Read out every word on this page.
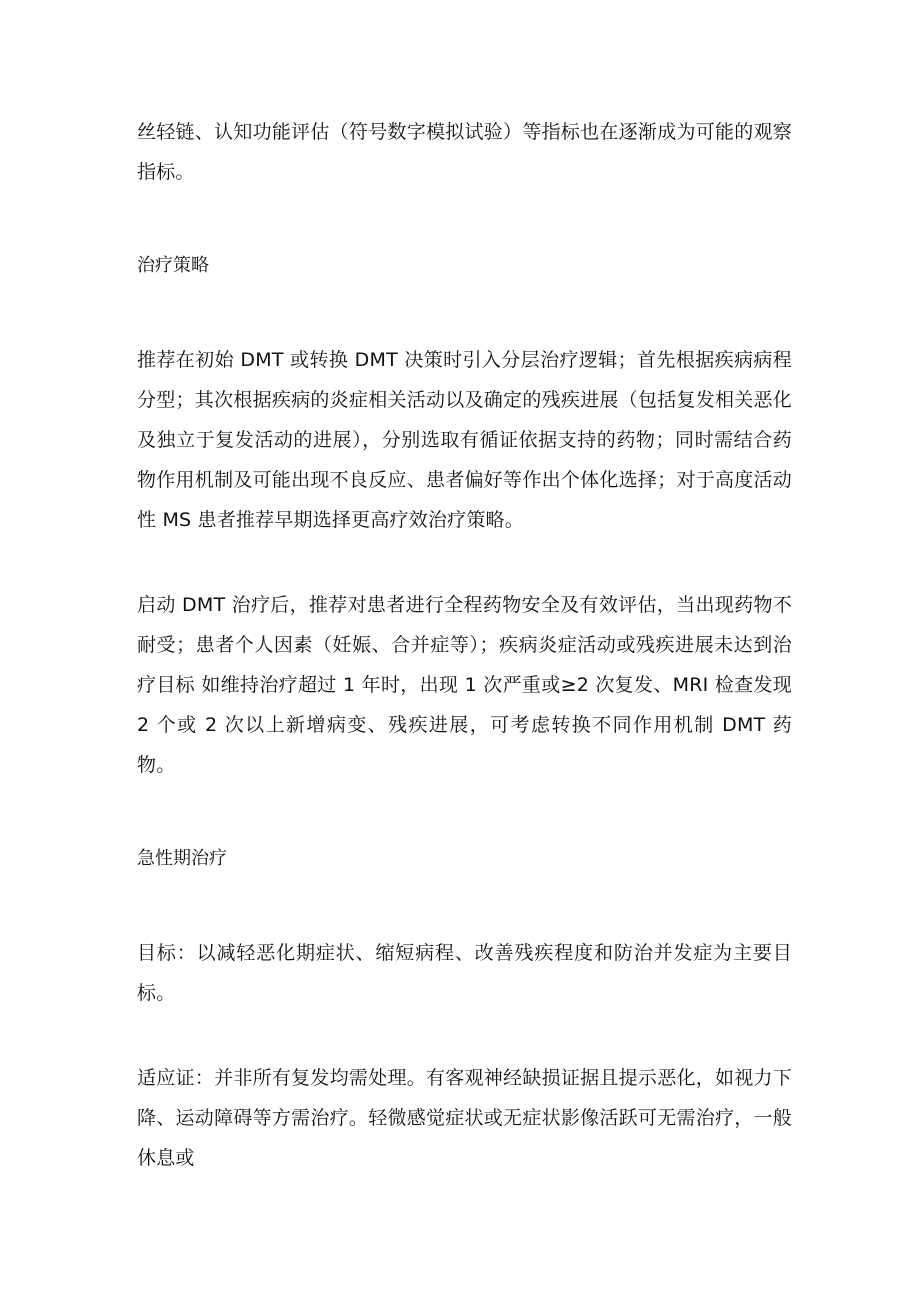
丝轻链、认知功能评估（符号数字模拟试验）等指标也在逐渐成为可能的观察指标。

治疗策略

推荐在初始 DMT 或转换 DMT 决策时引入分层治疗逻辑；首先根据疾病病程分型；其次根据疾病的炎症相关活动以及确定的残疾进展（包括复发相关恶化及独立于复发活动的进展），分别选取有循证依据支持的药物；同时需结合药物作用机制及可能出现不良反应、患者偏好等作出个体化选择；对于高度活动性 MS 患者推荐早期选择更高疗效治疗策略。

启动 DMT 治疗后，推荐对患者进行全程药物安全及有效评估，当出现药物不耐受；患者个人因素（妊娠、合并症等）；疾病炎症活动或残疾进展未达到治疗目标 如维持治疗超过 1 年时，出现 1 次严重或≥2 次复发、MRI 检查发现 2 个或 2 次以上新增病变、残疾进展，可考虑转换不同作用机制 DMT 药物。

急性期治疗

目标：以减轻恶化期症状、缩短病程、改善残疾程度和防治并发症为主要目标。

适应证：并非所有复发均需处理。有客观神经缺损证据且提示恶化，如视力下降、运动障碍等方需治疗。轻微感觉症状或无症状影像活跃可无需治疗，一般休息或
